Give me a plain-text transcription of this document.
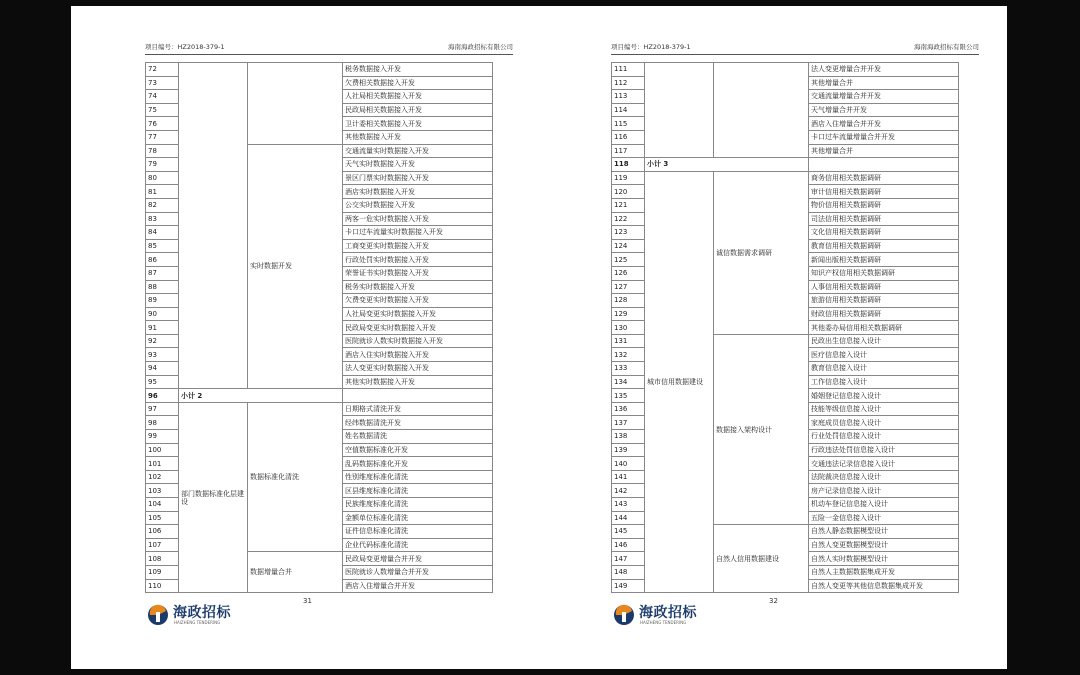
项目编号：HZ2018-379-1	海南海政招标有限公司
72			税务数据接入开发
73			欠费相关数据接入开发
74			人社局相关数据接入开发
75			民政局相关数据接入开发
76			卫计委相关数据接入开发
77			其他数据接入开发
78		实时数据开发	交通流量实时数据接入开发
79			天气实时数据接入开发
80			景区门票实时数据接入开发
81			酒店实时数据接入开发
82			公交实时数据接入开发
83			两客一危实时数据接入开发
84			卡口过车流量实时数据接入开发
85			工商变更实时数据接入开发
86			行政处罚实时数据接入开发
87			荣誉证书实时数据接入开发
88			税务实时数据接入开发
89			欠费变更实时数据接入开发
90			人社局变更实时数据接入开发
91			民政局变更实时数据接入开发
92			医院就诊人数实时数据接入开发
93			酒店入住实时数据接入开发
94			法人变更实时数据接入开发
95			其他实时数据接入开发
96	小计 2		
97	部门数据标准化层建设	数据标准化清洗	日期格式清洗开发
98			经纬数据清洗开发
99			姓名数据清洗
100			空值数据标准化开发
101			乱码数据标准化开发
102			性别维度标准化清洗
103			区县维度标准化清洗
104			民族维度标准化清洗
105			金额单位标准化清洗
106			证件信息标准化清洗
107			企业代码标准化清洗
108		数据增量合并	民政局变更增量合并开发
109			医院就诊人数增量合并开发
110			酒店入住增量合并开发
海政招标
HAIZHENG TENDERING
31
项目编号：HZ2018-379-1	海南海政招标有限公司
111			法人变更增量合并开发
112			其他增量合并
113			交通流量增量合并开发
114			天气增量合并开发
115			酒店入住增量合并开发
116			卡口过车流量增量合并开发
117			其他增量合并
118	小计 3		
119	城市信用数据建设	诚信数据需求调研	商务信用相关数据调研
120			审计信用相关数据调研
121			物价信用相关数据调研
122			司法信用相关数据调研
123			文化信用相关数据调研
124			教育信用相关数据调研
125			新闻出版相关数据调研
126			知识产权信用相关数据调研
127			人事信用相关数据调研
128			旅游信用相关数据调研
129			财政信用相关数据调研
130			其他委办局信用相关数据调研
131		数据接入架构设计	民政出生信息接入设计
132			医疗信息接入设计
133			教育信息接入设计
134			工作信息接入设计
135			婚姻登记信息接入设计
136			技能等级信息接入设计
137			家庭成员信息接入设计
138			行业处罚信息接入设计
139			行政违法处罚信息接入设计
140			交通违法记录信息接入设计
141			法院裁决信息接入设计
142			房产记录信息接入设计
143			机动车登记信息接入设计
144			五险一金信息接入设计
145		自然人信用数据建设	自然人静态数据模型设计
146			自然人变更数据模型设计
147			自然人实时数据模型设计
148			自然人主数据数据集成开发
149			自然人变更等其他信息数据集成开发
海政招标
HAIZHENG TENDERING
32
